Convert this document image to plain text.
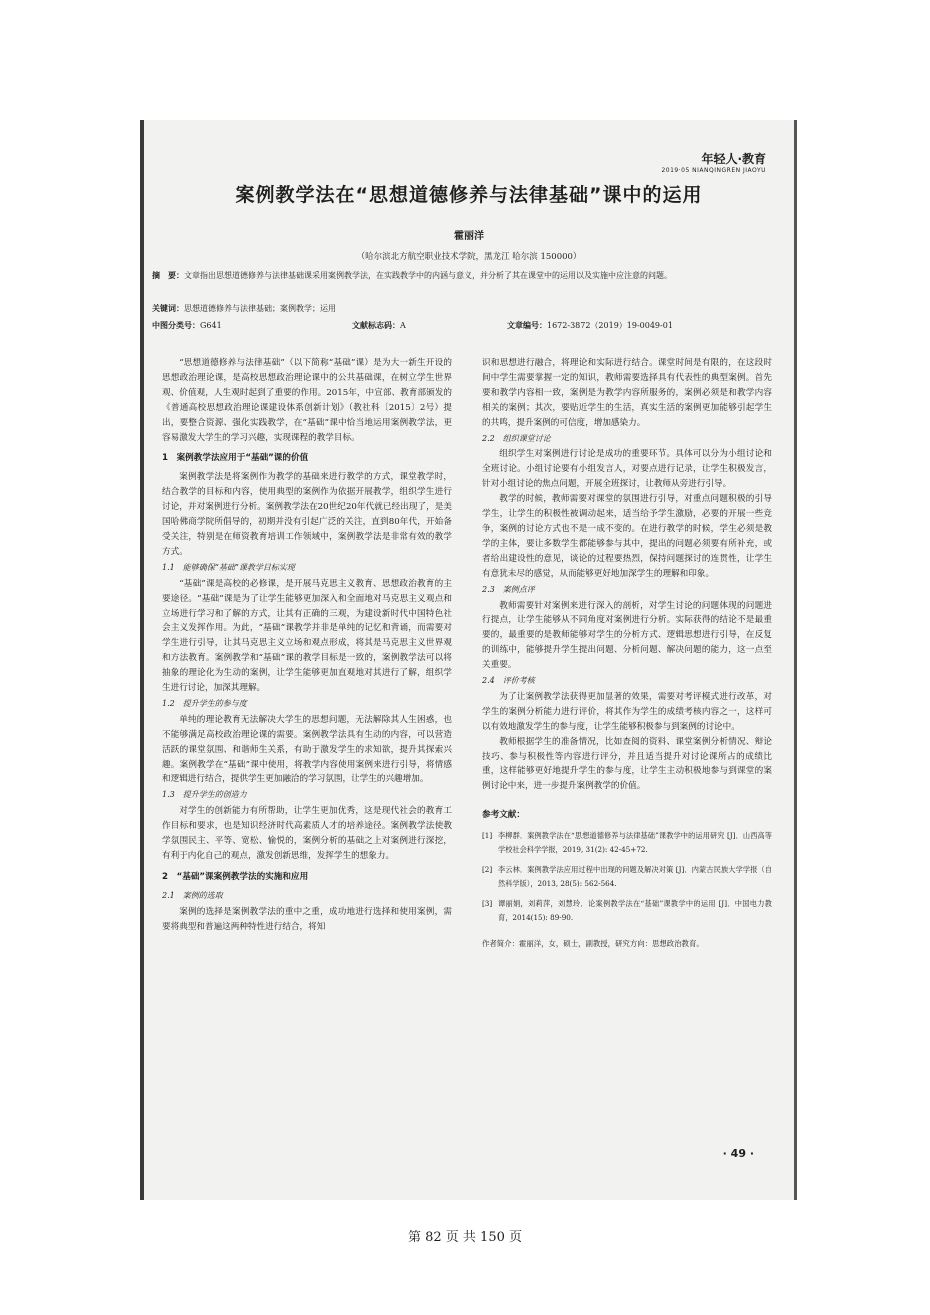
年轻人·教育
2019·05 NIANQINGREN JIAOYU
案例教学法在“思想道德修养与法律基础”课中的运用
霍丽洋
（哈尔滨北方航空职业技术学院，黑龙江 哈尔滨 150000）
摘　要：文章指出思想道德修养与法律基础课采用案例教学法，在实践教学中的内涵与意义，并分析了其在课堂中的运用以及实施中应注意的问题。
关键词：思想道德修养与法律基础；案例教学；运用
中图分类号：G641	文献标志码：A	文章编号：1672-3872（2019）19-0049-01

“思想道德修养与法律基础”（以下简称“基础”课）是为大一新生开设的思想政治理论课，是高校思想政治理论课中的公共基础课，在树立学生世界观、价值观，人生观时起到了重要的作用。2015年，中宣部、教育部颁发的《普通高校思想政治理论课建设体系创新计划》（教社科〔2015〕2号）提出，要整合资源、强化实践教学，在“基础”课中恰当地运用案例教学法，更容易激发大学生的学习兴趣，实现课程的教学目标。

1　案例教学法应用于“基础”课的价值

案例教学法是将案例作为教学的基础来进行教学的方式，课堂教学时，结合教学的目标和内容，使用典型的案例作为依据开展教学，组织学生进行讨论，并对案例进行分析。案例教学法在20世纪20年代就已经出现了，是美国哈佛商学院所倡导的，初期并没有引起广泛的关注，直到80年代，开始备受关注，特别是在师资教育培训工作领域中，案例教学法是非常有效的教学方式。

1.1　能够确保“基础”课教学目标实现

“基础”课是高校的必修课，是开展马克思主义教育、思想政治教育的主要途径。“基础”课是为了让学生能够更加深入和全面地对马克思主义观点和立场进行学习和了解的方式，让其有正确的三观，为建设新时代中国特色社会主义发挥作用。为此，“基础”课教学并非是单纯的记忆和背诵，而需要对学生进行引导，让其马克思主义立场和观点形成，将其是马克思主义世界观和方法教育。案例教学和“基础”课的教学目标是一致的，案例教学法可以将抽象的理论化为生动的案例，让学生能够更加直观地对其进行了解，组织学生进行讨论，加深其理解。

1.2　提升学生的参与度

单纯的理论教育无法解决大学生的思想问题，无法解除其人生困惑，也不能够满足高校政治理论课的需要。案例教学法具有生动的内容，可以营造活跃的课堂氛围、和谐师生关系，有助于激发学生的求知欲，提升其探索兴趣。案例教学在“基础”课中使用，将教学内容使用案例来进行引导，将情感和逻辑进行结合，提供学生更加融洽的学习氛围，让学生的兴趣增加。

1.3　提升学生的创造力

对学生的创新能力有所帮助，让学生更加优秀，这是现代社会的教育工作目标和要求，也是知识经济时代高素质人才的培养途径。案例教学法使教学氛围民主、平等、宽松、愉悦的，案例分析的基础之上对案例进行深挖，有利于内化自己的观点，激发创新思维，发挥学生的想象力。

2　“基础”课案例教学法的实施和应用

2.1　案例的选取

案例的选择是案例教学法的重中之重，成功地进行选择和使用案例，需要将典型和普遍这两种特性进行结合，将知

识和思想进行融合，将理论和实际进行结合。课堂时间是有限的，在这段时间中学生需要掌握一定的知识，教师需要选择具有代表性的典型案例。首先要和教学内容相一致，案例是为教学内容所服务的，案例必须是和教学内容相关的案例；其次，要贴近学生的生活，真实生活的案例更加能够引起学生的共鸣，提升案例的可信度，增加感染力。

2.2　组织课堂讨论

组织学生对案例进行讨论是成功的重要环节。具体可以分为小组讨论和全班讨论。小组讨论要有小组发言人，对要点进行记录，让学生积极发言，针对小组讨论的焦点问题，开展全班探讨，让教师从旁进行引导。

教学的时候，教师需要对课堂的氛围进行引导，对重点问题积极的引导学生，让学生的积极性被调动起来，适当给予学生激励，必要的开展一些竞争，案例的讨论方式也不是一成不变的。在进行教学的时候，学生必须是教学的主体，要让多数学生都能够参与其中，提出的问题必须要有所补充，或者给出建设性的意见，谈论的过程要热烈，保持问题探讨的连贯性，让学生有意犹未尽的感觉，从而能够更好地加深学生的理解和印象。

2.3　案例点评

教师需要针对案例来进行深入的剖析，对学生讨论的问题体现的问题进行提点，让学生能够从不同角度对案例进行分析。实际获得的结论不是最重要的，最重要的是教师能够对学生的分析方式、逻辑思想进行引导，在反复的训练中，能够提升学生提出问题、分析问题、解决问题的能力，这一点至关重要。

2.4　评价考核

为了让案例教学法获得更加显著的效果，需要对考评模式进行改革，对学生的案例分析能力进行评价，将其作为学生的成绩考核内容之一，这样可以有效地激发学生的参与度，让学生能够积极参与到案例的讨论中。

教师根据学生的准备情况，比如查阅的资料、课堂案例分析情况、辩论技巧、参与积极性等内容进行评分，并且适当提升对讨论课所占的成绩比重，这样能够更好地提升学生的参与度，让学生主动积极地参与到课堂的案例讨论中来，进一步提升案例教学的价值。

参考文献：

[1] 李柳群．案例教学法在“思想道德修养与法律基础”课教学中的运用研究 [J]．山西高等学校社会科学学报，2019, 31(2): 42-45+72.

[2] 李云林．案例教学法应用过程中出现的问题及解决对策 [J]．内蒙古民族大学学报（自然科学版），2013, 28(5): 562-564.

[3] 谭丽娟，刘莉萍，刘慧玲．论案例教学法在“基础”课教学中的运用 [J]．中国电力教育，2014(15): 89-90.

作者简介：霍丽洋，女，硕士，副教授，研究方向：思想政治教育。

· 49 ·
第 82 页 共 150 页
